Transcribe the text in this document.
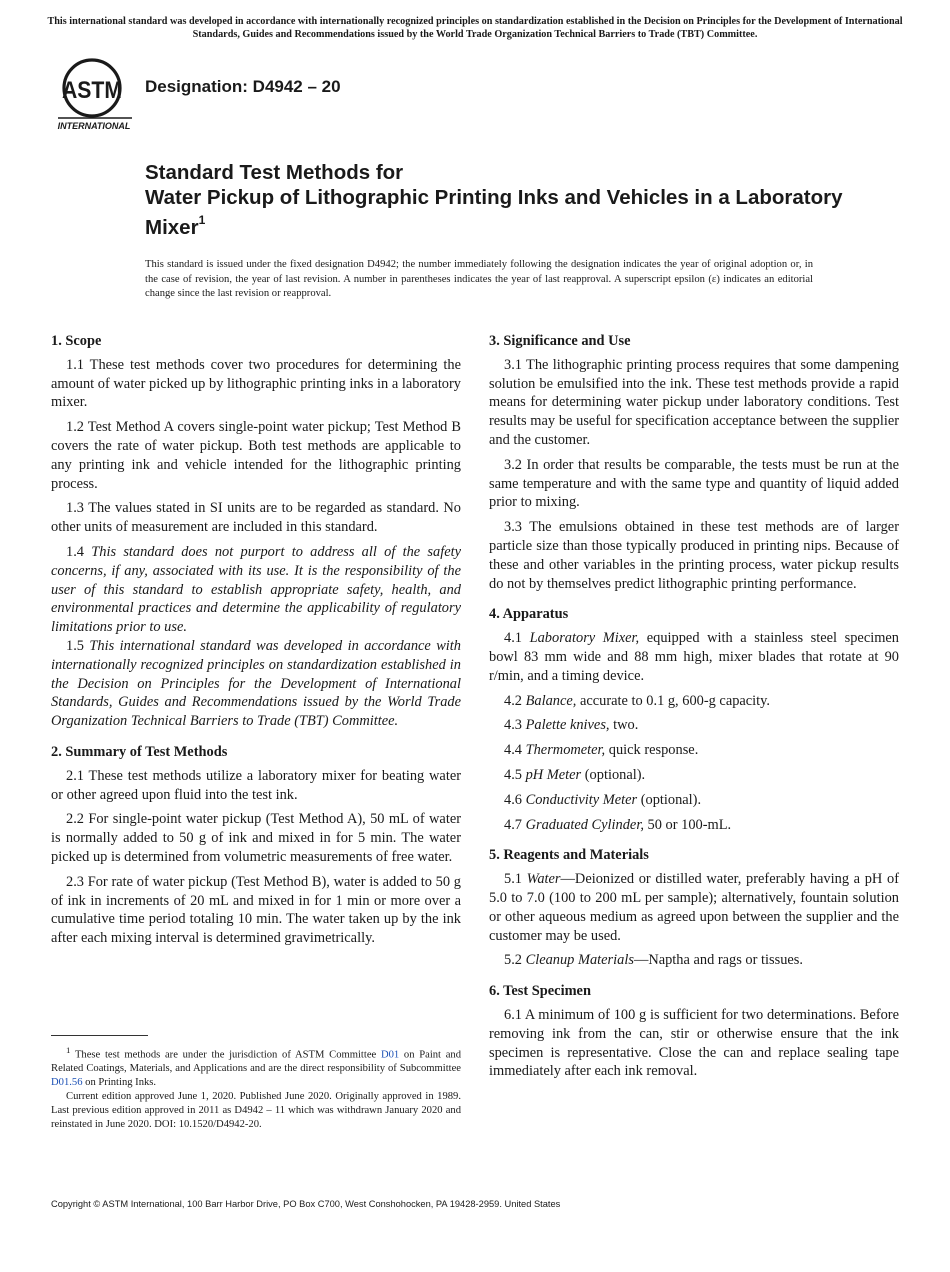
This international standard was developed in accordance with internationally recognized principles on standardization established in the Decision on Principles for the Development of International Standards, Guides and Recommendations issued by the World Trade Organization Technical Barriers to Trade (TBT) Committee.
ASTM
INTERNATIONAL
Designation: D4942 – 20
Standard Test Methods for
Water Pickup of Lithographic Printing Inks and Vehicles in a Laboratory Mixer$^1$
This standard is issued under the fixed designation D4942; the number immediately following the designation indicates the year of original adoption or, in the case of revision, the year of last revision. A number in parentheses indicates the year of last reapproval. A superscript epsilon (ε) indicates an editorial change since the last revision or reapproval.
1. Scope

1.1 These test methods cover two procedures for determining the amount of water picked up by lithographic printing inks in a laboratory mixer.

1.2 Test Method A covers single-point water pickup; Test Method B covers the rate of water pickup. Both test methods are applicable to any printing ink and vehicle intended for the lithographic printing process.

1.3 The values stated in SI units are to be regarded as standard. No other units of measurement are included in this standard.

1.4 This standard does not purport to address all of the safety concerns, if any, associated with its use. It is the responsibility of the user of this standard to establish appropriate safety, health, and environmental practices and determine the applicability of regulatory limitations prior to use.

1.5 This international standard was developed in accordance with internationally recognized principles on standardization established in the Decision on Principles for the Development of International Standards, Guides and Recommendations issued by the World Trade Organization Technical Barriers to Trade (TBT) Committee.

2. Summary of Test Methods

2.1 These test methods utilize a laboratory mixer for beating water or other agreed upon fluid into the test ink.

2.2 For single-point water pickup (Test Method A), 50 mL of water is normally added to 50 g of ink and mixed in for 5 min. The water picked up is determined from volumetric measurements of free water.

2.3 For rate of water pickup (Test Method B), water is added to 50 g of ink in increments of 20 mL and mixed in for 1 min or more over a cumulative time period totaling 10 min. The water taken up by the ink after each mixing interval is determined gravimetrically.

$^1$ These test methods are under the jurisdiction of ASTM Committee D01 on Paint and Related Coatings, Materials, and Applications and are the direct responsibility of Subcommittee D01.56 on Printing Inks.

Current edition approved June 1, 2020. Published June 2020. Originally approved in 1989. Last previous edition approved in 2011 as D4942 – 11 which was withdrawn January 2020 and reinstated in June 2020. DOI: 10.1520/D4942-20.

3. Significance and Use

3.1 The lithographic printing process requires that some dampening solution be emulsified into the ink. These test methods provide a rapid means for determining water pickup under laboratory conditions. Test results may be useful for specification acceptance between the supplier and the customer.

3.2 In order that results be comparable, the tests must be run at the same temperature and with the same type and quantity of liquid added prior to mixing.

3.3 The emulsions obtained in these test methods are of larger particle size than those typically produced in printing nips. Because of these and other variables in the printing process, water pickup results do not by themselves predict lithographic printing performance.

4. Apparatus

4.1 Laboratory Mixer, equipped with a stainless steel specimen bowl 83 mm wide and 88 mm high, mixer blades that rotate at 90 r/min, and a timing device.

4.2 Balance, accurate to 0.1 g, 600-g capacity.

4.3 Palette knives, two.

4.4 Thermometer, quick response.

4.5 pH Meter (optional).

4.6 Conductivity Meter (optional).

4.7 Graduated Cylinder, 50 or 100-mL.

5. Reagents and Materials

5.1 Water—Deionized or distilled water, preferably having a pH of 5.0 to 7.0 (100 to 200 mL per sample); alternatively, fountain solution or other aqueous medium as agreed upon between the supplier and the customer may be used.

5.2 Cleanup Materials—Naptha and rags or tissues.

6. Test Specimen

6.1 A minimum of 100 g is sufficient for two determinations. Before removing ink from the can, stir or otherwise ensure that the ink specimen is representative. Close the can and replace sealing tape immediately after each ink removal.

Copyright © ASTM International, 100 Barr Harbor Drive, PO Box C700, West Conshohocken, PA 19428-2959. United States
